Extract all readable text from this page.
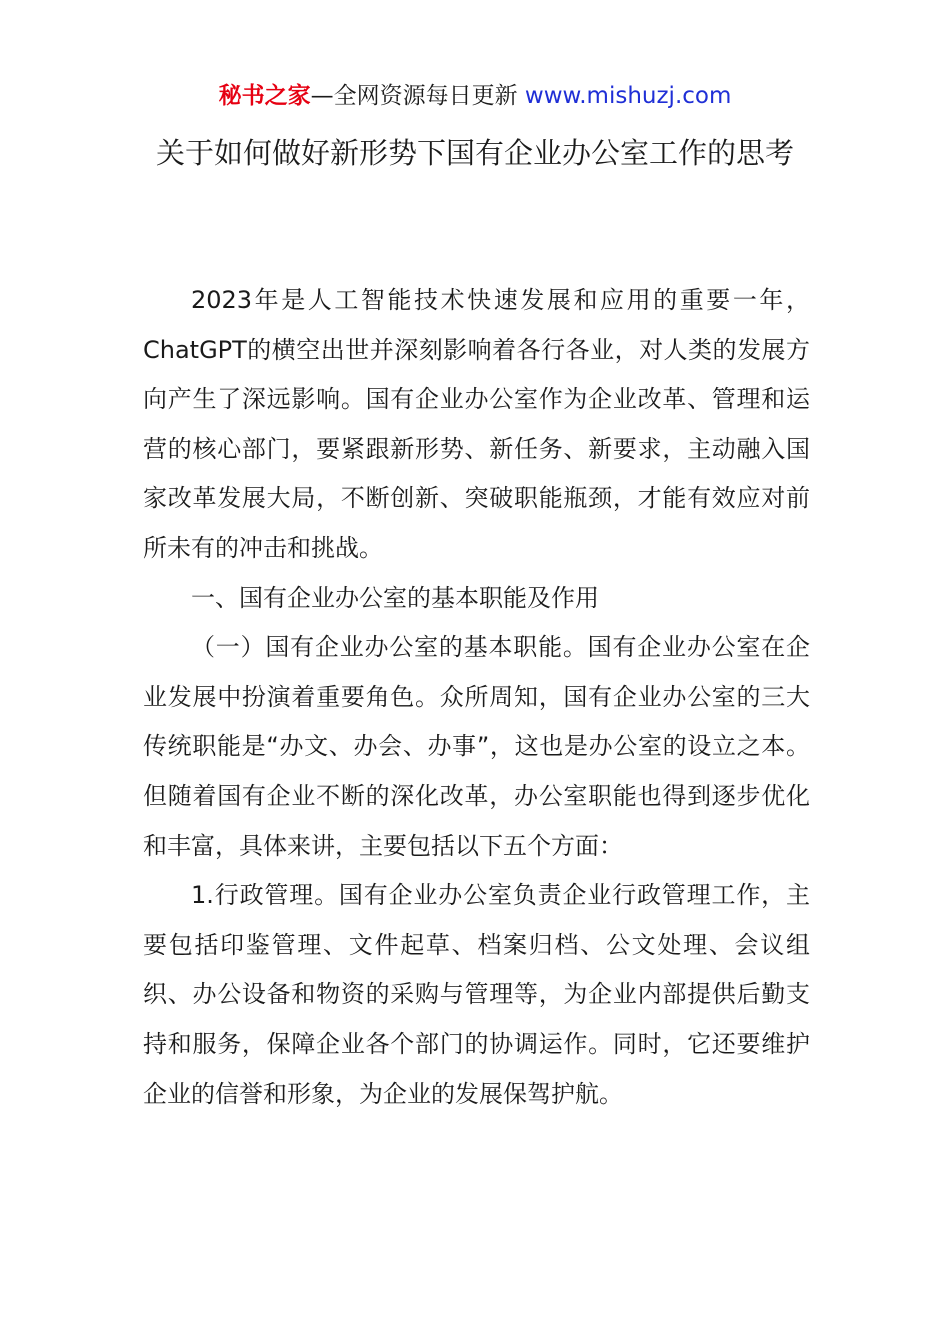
秘书之家—全网资源每日更新 www.mishuzj.com
关于如何做好新形势下国有企业办公室工作的思考

2023年是人工智能技术快速发展和应用的重要一年，ChatGPT的横空出世并深刻影响着各行各业，对人类的发展方向产生了深远影响。国有企业办公室作为企业改革、管理和运营的核心部门，要紧跟新形势、新任务、新要求，主动融入国家改革发展大局，不断创新、突破职能瓶颈，才能有效应对前所未有的冲击和挑战。

一、国有企业办公室的基本职能及作用

（一）国有企业办公室的基本职能。国有企业办公室在企业发展中扮演着重要角色。众所周知，国有企业办公室的三大传统职能是“办文、办会、办事”，这也是办公室的设立之本。但随着国有企业不断的深化改革，办公室职能也得到逐步优化和丰富，具体来讲，主要包括以下五个方面：

1.行政管理。国有企业办公室负责企业行政管理工作，主要包括印鉴管理、文件起草、档案归档、公文处理、会议组织、办公设备和物资的采购与管理等，为企业内部提供后勤支持和服务，保障企业各个部门的协调运作。同时，它还要维护企业的信誉和形象，为企业的发展保驾护航。
